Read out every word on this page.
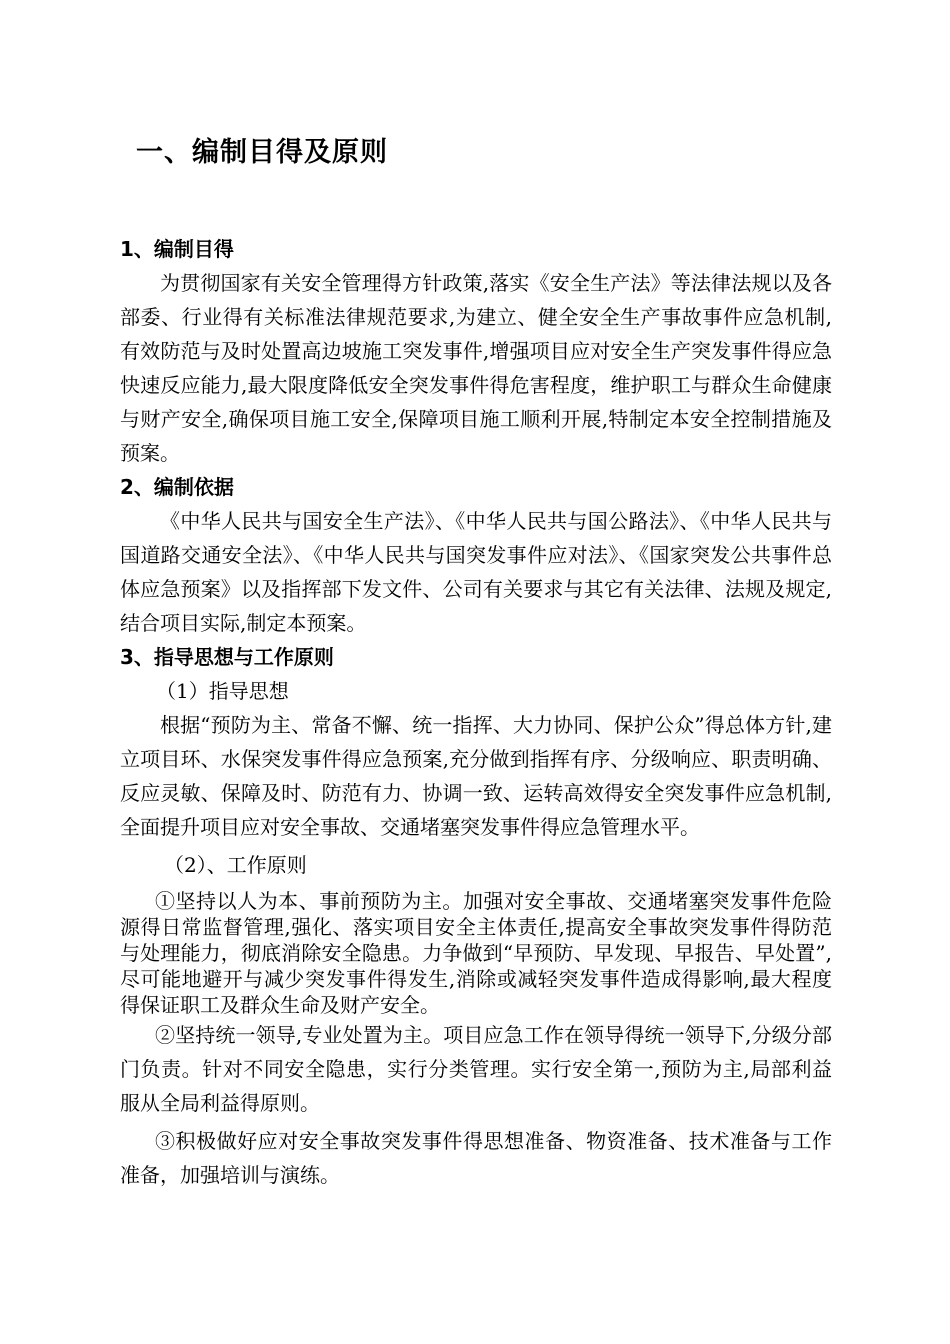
一、编制目得及原则
1、编制目得

为贯彻国家有关安全管理得方针政策,落实《安全生产法》等法律法规以及各部委、行业得有关标准法律规范要求,为建立、健全安全生产事故事件应急机制,有效防范与及时处置高边坡施工突发事件,增强项目应对安全生产突发事件得应急快速反应能力,最大限度降低安全突发事件得危害程度，维护职工与群众生命健康与财产安全,确保项目施工安全,保障项目施工顺利开展,特制定本安全控制措施及预案。

2、编制依据

《中华人民共与国安全生产法》、《中华人民共与国公路法》、《中华人民共与国道路交通安全法》、《中华人民共与国突发事件应对法》、《国家突发公共事件总体应急预案》以及指挥部下发文件、公司有关要求与其它有关法律、法规及规定,结合项目实际,制定本预案。

3、指导思想与工作原则
（1）指导思想

根据“预防为主、常备不懈、统一指挥、大力协同、保护公众”得总体方针,建立项目环、水保突发事件得应急预案,充分做到指挥有序、分级响应、职责明确、反应灵敏、保障及时、防范有力、协调一致、运转高效得安全突发事件应急机制,全面提升项目应对安全事故、交通堵塞突发事件得应急管理水平。

（2）、工作原则

①坚持以人为本、事前预防为主。加强对安全事故、交通堵塞突发事件危险源得日常监督管理,强化、落实项目安全主体责任,提高安全事故突发事件得防范与处理能力，彻底消除安全隐患。力争做到“早预防、早发现、早报告、早处置”,尽可能地避开与减少突发事件得发生,消除或减轻突发事件造成得影响,最大程度得保证职工及群众生命及财产安全。

②坚持统一领导,专业处置为主。项目应急工作在领导得统一领导下,分级分部门负责。针对不同安全隐患，实行分类管理。实行安全第一,预防为主,局部利益服从全局利益得原则。

③积极做好应对安全事故突发事件得思想准备、物资准备、技术准备与工作准备，加强培训与演练。
